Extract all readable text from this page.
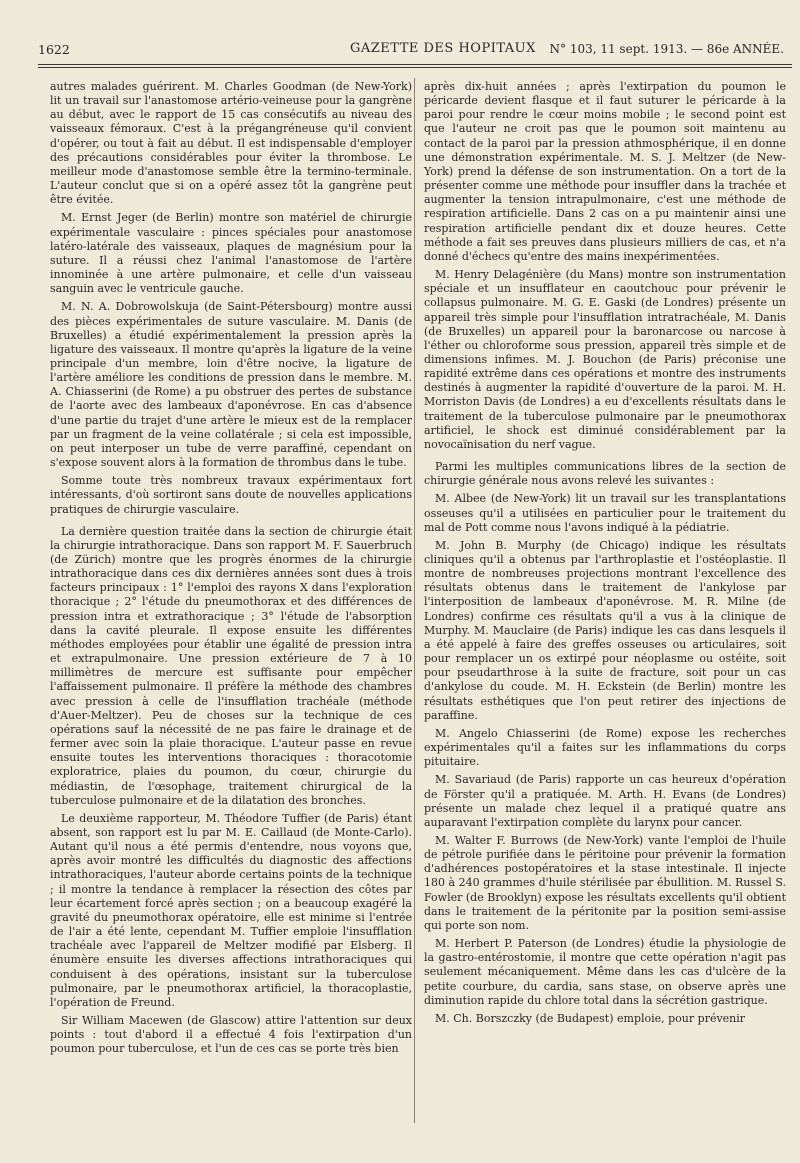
1622	GAZETTE DES HOPITAUX N° 103, 11 sept. 1913. — 86e ANNÉE.

autres malades guérirent. M. Charles Goodman (de New-York) lit un travail sur l'anastomose artério-veineuse pour la gangrène au début, avec le rapport de 15 cas consécutifs au niveau des vaisseaux fémoraux. C'est à la prégangréneuse qu'il convient d'opérer, ou tout à fait au début. Il est indispensable d'employer des précautions considérables pour éviter la thrombose. Le meilleur mode d'anastomose semble être la termino-terminale. L'auteur conclut que si on a opéré assez tôt la gangrène peut être évitée.

M. Ernst Jeger (de Berlin) montre son matériel de chirurgie expérimentale vasculaire : pinces spéciales pour anastomose latéro-latérale des vaisseaux, plaques de magnésium pour la suture. Il a réussi chez l'animal l'anastomose de l'artère innominée à une artère pulmonaire, et celle d'un vaisseau sanguin avec le ventricule gauche.

M. N. A. Dobrowolskuja (de Saint-Pétersbourg) montre aussi des pièces expérimentales de suture vasculaire. M. Danis (de Bruxelles) a étudié expérimentalement la pression après la ligature des vaisseaux. Il montre qu'après la ligature de la veine principale d'un membre, loin d'être nocive, la ligature de l'artère améliore les conditions de pression dans le membre. M. A. Chiasserini (de Rome) a pu obstruer des pertes de substance de l'aorte avec des lambeaux d'aponévrose. En cas d'absence d'une partie du trajet d'une artère le mieux est de la remplacer par un fragment de la veine collatérale ; si cela est impossible, on peut interposer un tube de verre paraffiné, cependant on s'expose souvent alors à la formation de thrombus dans le tube.

Somme toute très nombreux travaux expérimentaux fort intéressants, d'où sortiront sans doute de nouvelles applications pratiques de chirurgie vasculaire.

La dernière question traitée dans la section de chirurgie était la chirurgie intrathoracique. Dans son rapport M. F. Sauerbruch (de Zürich) montre que les progrès énormes de la chirurgie intrathoracique dans ces dix dernières années sont dues à trois facteurs principaux : 1° l'emploi des rayons X dans l'exploration thoracique ; 2° l'étude du pneumothorax et des différences de pression intra et extrathoracique ; 3° l'étude de l'absorption dans la cavité pleurale. Il expose ensuite les différentes méthodes employées pour établir une égalité de pression intra et extrapulmonaire. Une pression extérieure de 7 à 10 millimètres de mercure est suffisante pour empêcher l'affaissement pulmonaire. Il préfère la méthode des chambres avec pression à celle de l'insufflation trachéale (méthode d'Auer-Meltzer). Peu de choses sur la technique de ces opérations sauf la nécessité de ne pas faire le drainage et de fermer avec soin la plaie thoracique. L'auteur passe en revue ensuite toutes les interventions thoraciques : thoracotomie exploratrice, plaies du poumon, du cœur, chirurgie du médiastin, de l'œsophage, traitement chirurgical de la tuberculose pulmonaire et de la dilatation des bronches.

Le deuxième rapporteur, M. Théodore Tuffier (de Paris) étant absent, son rapport est lu par M. E. Caillaud (de Monte-Carlo). Autant qu'il nous a été permis d'entendre, nous voyons que, après avoir montré les difficultés du diagnostic des affections intrathoraciques, l'auteur aborde certains points de la technique ; il montre la tendance à remplacer la résection des côtes par leur écartement forcé après section ; on a beaucoup exagéré la gravité du pneumothorax opératoire, elle est minime si l'entrée de l'air a été lente, cependant M. Tuffier emploie l'insufflation trachéale avec l'appareil de Meltzer modifié par Elsberg. Il énumère ensuite les diverses affections intrathoraciques qui conduisent à des opérations, insistant sur la tuberculose pulmonaire, par le pneumothorax artificiel, la thoracoplastie, l'opération de Freund.

Sir William Macewen (de Glascow) attire l'attention sur deux points : tout d'abord il a effectué 4 fois l'extirpation d'un poumon pour tuberculose, et l'un de ces cas se porte très bien

après dix-huit années ; après l'extirpation du poumon le péricarde devient flasque et il faut suturer le péricarde à la paroi pour rendre le cœur moins mobile ; le second point est que l'auteur ne croit pas que le poumon soit maintenu au contact de la paroi par la pression athmosphérique, il en donne une démonstration expérimentale. M. S. J. Meltzer (de New-York) prend la défense de son instrumentation. On a tort de la présenter comme une méthode pour insuffler dans la trachée et augmenter la tension intrapulmonaire, c'est une méthode de respiration artificielle. Dans 2 cas on a pu maintenir ainsi une respiration artificielle pendant dix et douze heures. Cette méthode a fait ses preuves dans plusieurs milliers de cas, et n'a donné d'échecs qu'entre des mains inexpérimentées.

M. Henry Delagénière (du Mans) montre son instrumentation spéciale et un insufflateur en caoutchouc pour prévenir le collapsus pulmonaire. M. G. E. Gaski (de Londres) présente un appareil très simple pour l'insufflation intratrachéale, M. Danis (de Bruxelles) un appareil pour la baronarcose ou narcose à l'éther ou chloroforme sous pression, appareil très simple et de dimensions infimes. M. J. Bouchon (de Paris) préconise une rapidité extrême dans ces opérations et montre des instruments destinés à augmenter la rapidité d'ouverture de la paroi. M. H. Morriston Davis (de Londres) a eu d'excellents résultats dans le traitement de la tuberculose pulmonaire par le pneumothorax artificiel, le shock est diminué considérablement par la novocaïnisation du nerf vague.

Parmi les multiples communications libres de la section de chirurgie générale nous avons relevé les suivantes :

M. Albee (de New-York) lit un travail sur les transplantations osseuses qu'il a utilisées en particulier pour le traitement du mal de Pott comme nous l'avons indiqué à la pédiatrie.

M. John B. Murphy (de Chicago) indique les résultats cliniques qu'il a obtenus par l'arthroplastie et l'ostéoplastie. Il montre de nombreuses projections montrant l'excellence des résultats obtenus dans le traitement de l'ankylose par l'interposition de lambeaux d'aponévrose. M. R. Milne (de Londres) confirme ces résultats qu'il a vus à la clinique de Murphy. M. Mauclaire (de Paris) indique les cas dans lesquels il a été appelé à faire des greffes osseuses ou articulaires, soit pour remplacer un os extirpé pour néoplasme ou ostéite, soit pour pseudarthrose à la suite de fracture, soit pour un cas d'ankylose du coude. M. H. Eckstein (de Berlin) montre les résultats esthétiques que l'on peut retirer des injections de paraffine.

M. Angelo Chiasserini (de Rome) expose les recherches expérimentales qu'il a faites sur les inflammations du corps pituitaire.

M. Savariaud (de Paris) rapporte un cas heureux d'opération de Förster qu'il a pratiquée. M. Arth. H. Evans (de Londres) présente un malade chez lequel il a pratiqué quatre ans auparavant l'extirpation complète du larynx pour cancer.

M. Walter F. Burrows (de New-York) vante l'emploi de l'huile de pétrole purifiée dans le péritoine pour prévenir la formation d'adhérences postopératoires et la stase intestinale. Il injecte 180 à 240 grammes d'huile stérilisée par ébullition. M. Russel S. Fowler (de Brooklyn) expose les résultats excellents qu'il obtient dans le traitement de la péritonite par la position semi-assise qui porte son nom.

M. Herbert P. Paterson (de Londres) étudie la physiologie de la gastro-entérostomie, il montre que cette opération n'agit pas seulement mécaniquement. Même dans les cas d'ulcère de la petite courbure, du cardia, sans stase, on observe après une diminution rapide du chlore total dans la sécrétion gastrique.

M. Ch. Borszczky (de Budapest) emploie, pour prévenir
